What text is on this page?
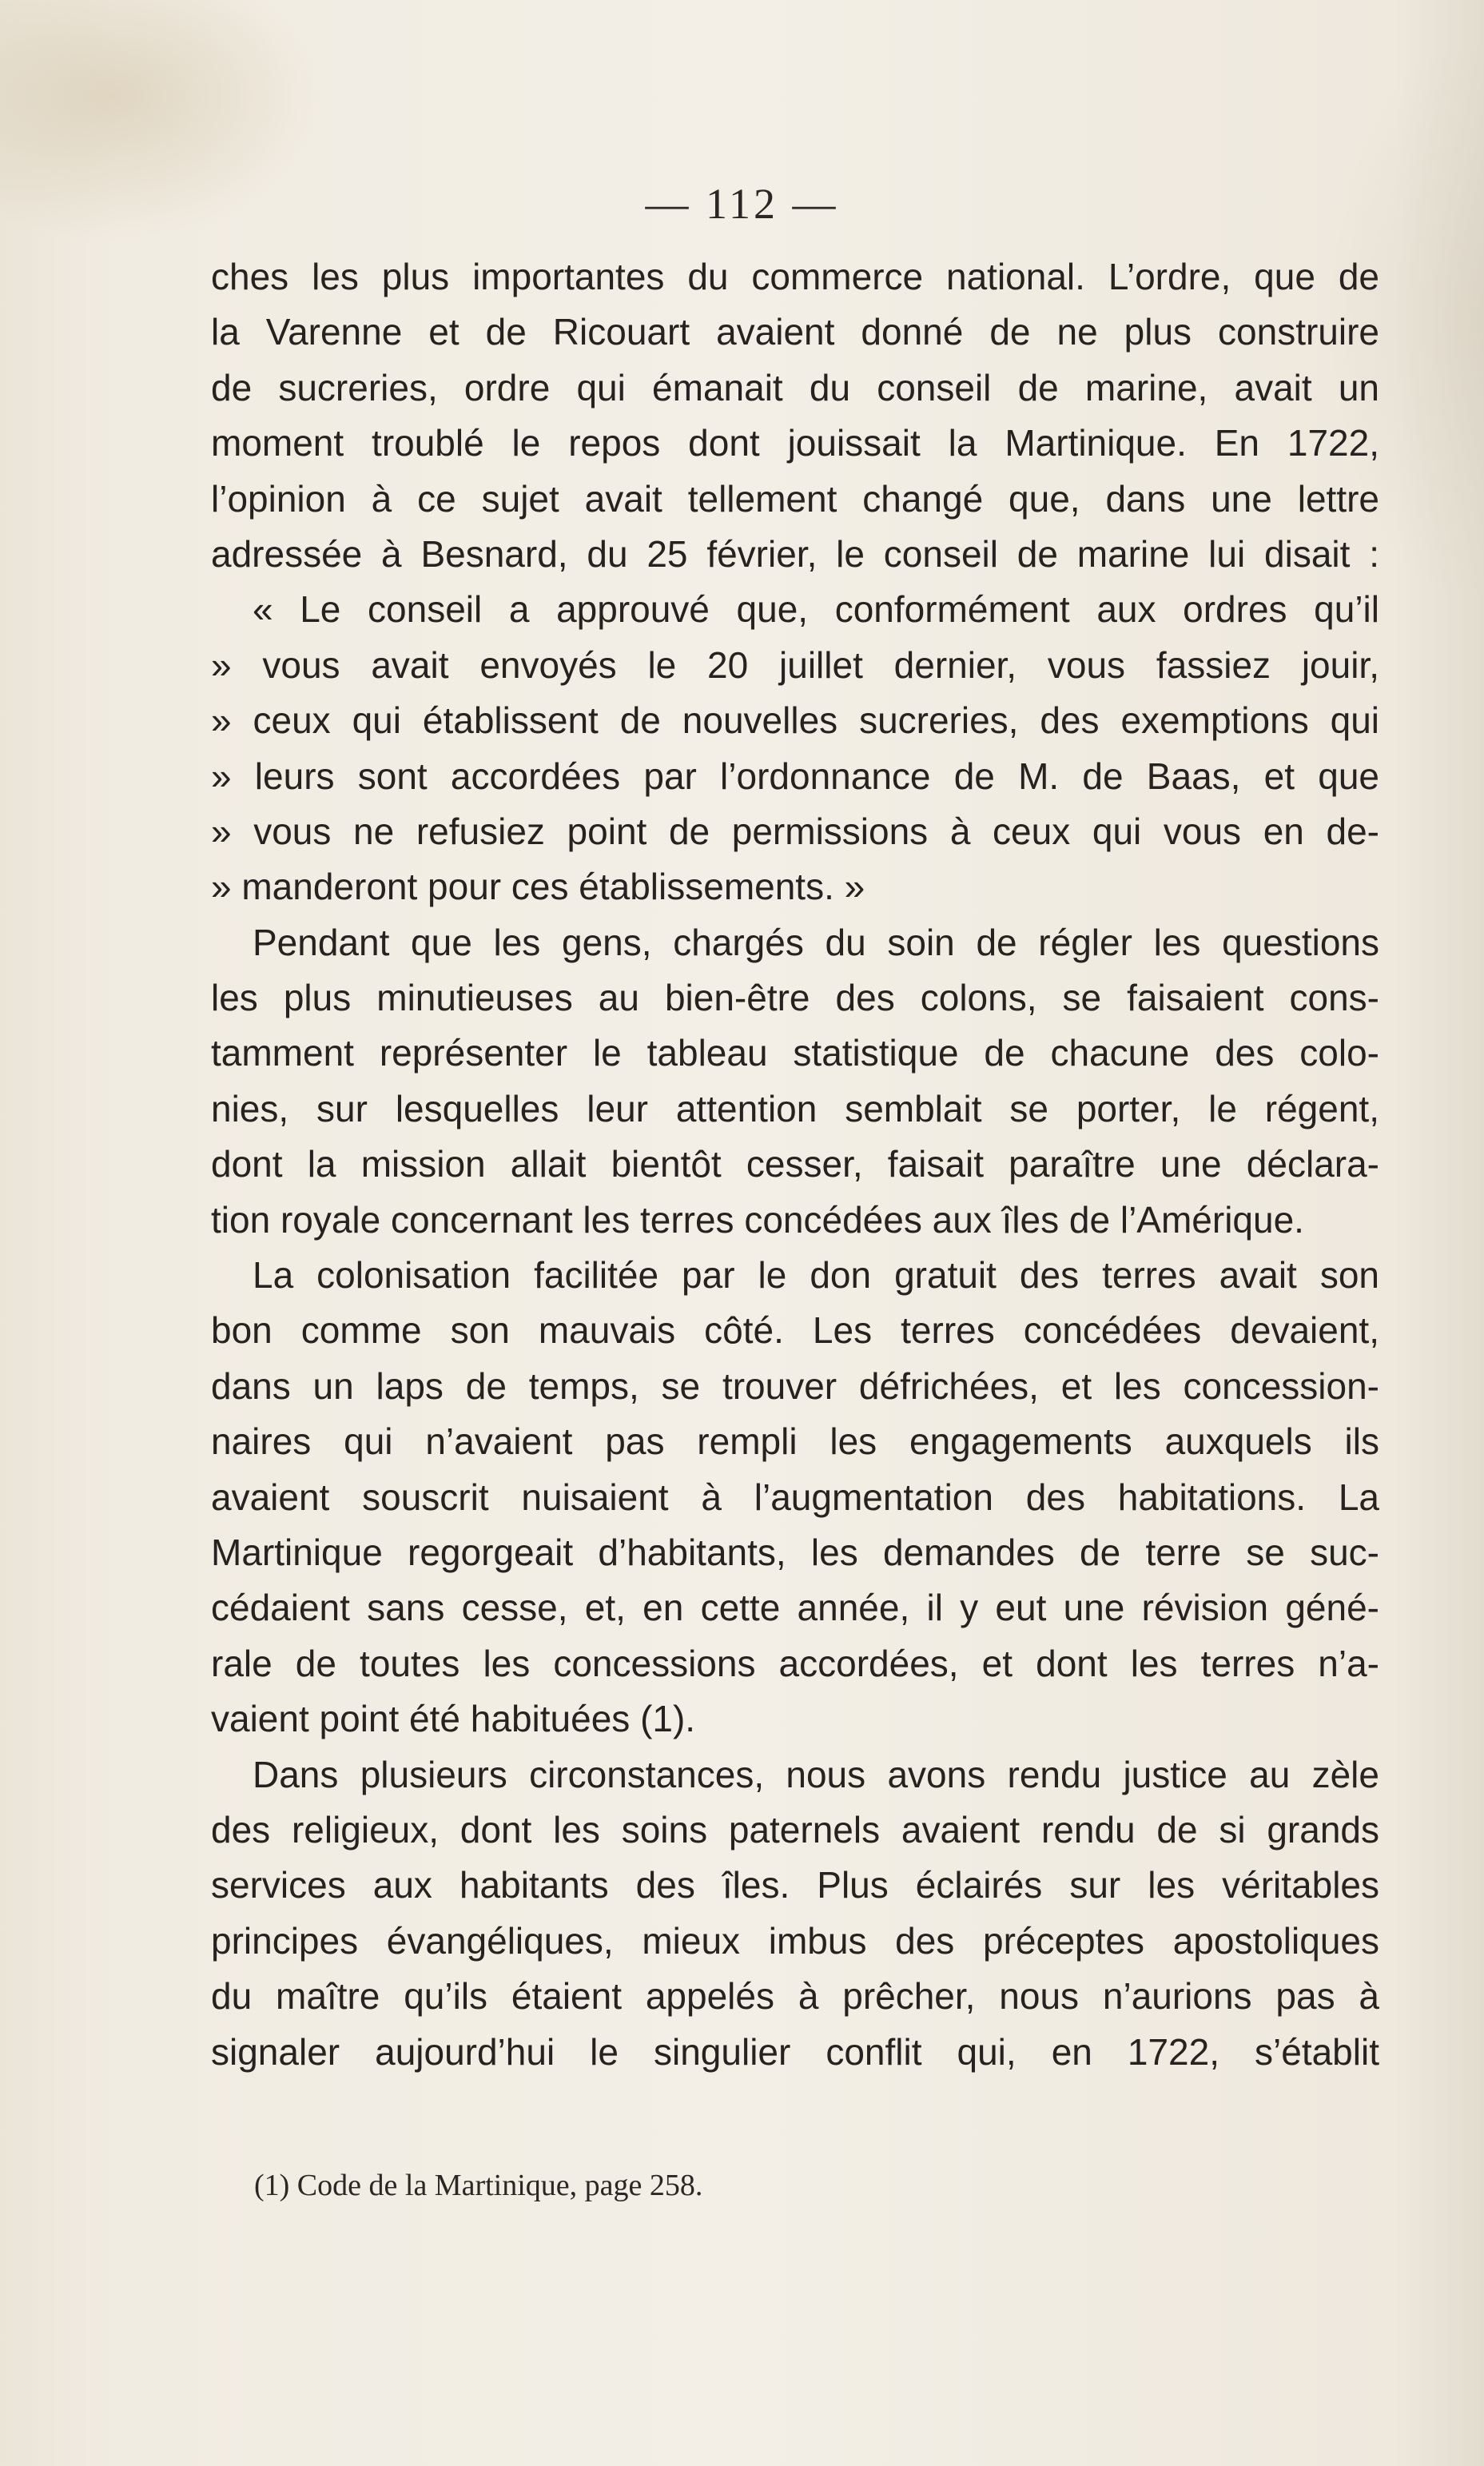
— 112 —
ches les plus importantes du commerce national. L’ordre, que de
la Varenne et de Ricouart avaient donné de ne plus construire
de sucreries, ordre qui émanait du conseil de marine, avait un
moment troublé le repos dont jouissait la Martinique. En 1722,
l’opinion à ce sujet avait tellement changé que, dans une lettre
adressée à Besnard, du 25 février, le conseil de marine lui disait :
« Le conseil a approuvé que, conformément aux ordres qu’il
» vous avait envoyés le 20 juillet dernier, vous fassiez jouir,
» ceux qui établissent de nouvelles sucreries, des exemptions qui
» leurs sont accordées par l’ordonnance de M. de Baas, et que
» vous ne refusiez point de permissions à ceux qui vous en de-
» manderont pour ces établissements. »
Pendant que les gens, chargés du soin de régler les questions
les plus minutieuses au bien-être des colons, se faisaient cons-
tamment représenter le tableau statistique de chacune des colo-
nies, sur lesquelles leur attention semblait se porter, le régent,
dont la mission allait bientôt cesser, faisait paraître une déclara-
tion royale concernant les terres concédées aux îles de l’Amérique.
La colonisation facilitée par le don gratuit des terres avait son
bon comme son mauvais côté. Les terres concédées devaient,
dans un laps de temps, se trouver défrichées, et les concession-
naires qui n’avaient pas rempli les engagements auxquels ils
avaient souscrit nuisaient à l’augmentation des habitations. La
Martinique regorgeait d’habitants, les demandes de terre se suc-
cédaient sans cesse, et, en cette année, il y eut une révision géné-
rale de toutes les concessions accordées, et dont les terres n’a-
vaient point été habituées (1).
Dans plusieurs circonstances, nous avons rendu justice au zèle
des religieux, dont les soins paternels avaient rendu de si grands
services aux habitants des îles. Plus éclairés sur les véritables
principes évangéliques, mieux imbus des préceptes apostoliques
du maître qu’ils étaient appelés à prêcher, nous n’aurions pas à
signaler aujourd’hui le singulier conflit qui, en 1722, s’établit
(1) Code de la Martinique, page 258.
